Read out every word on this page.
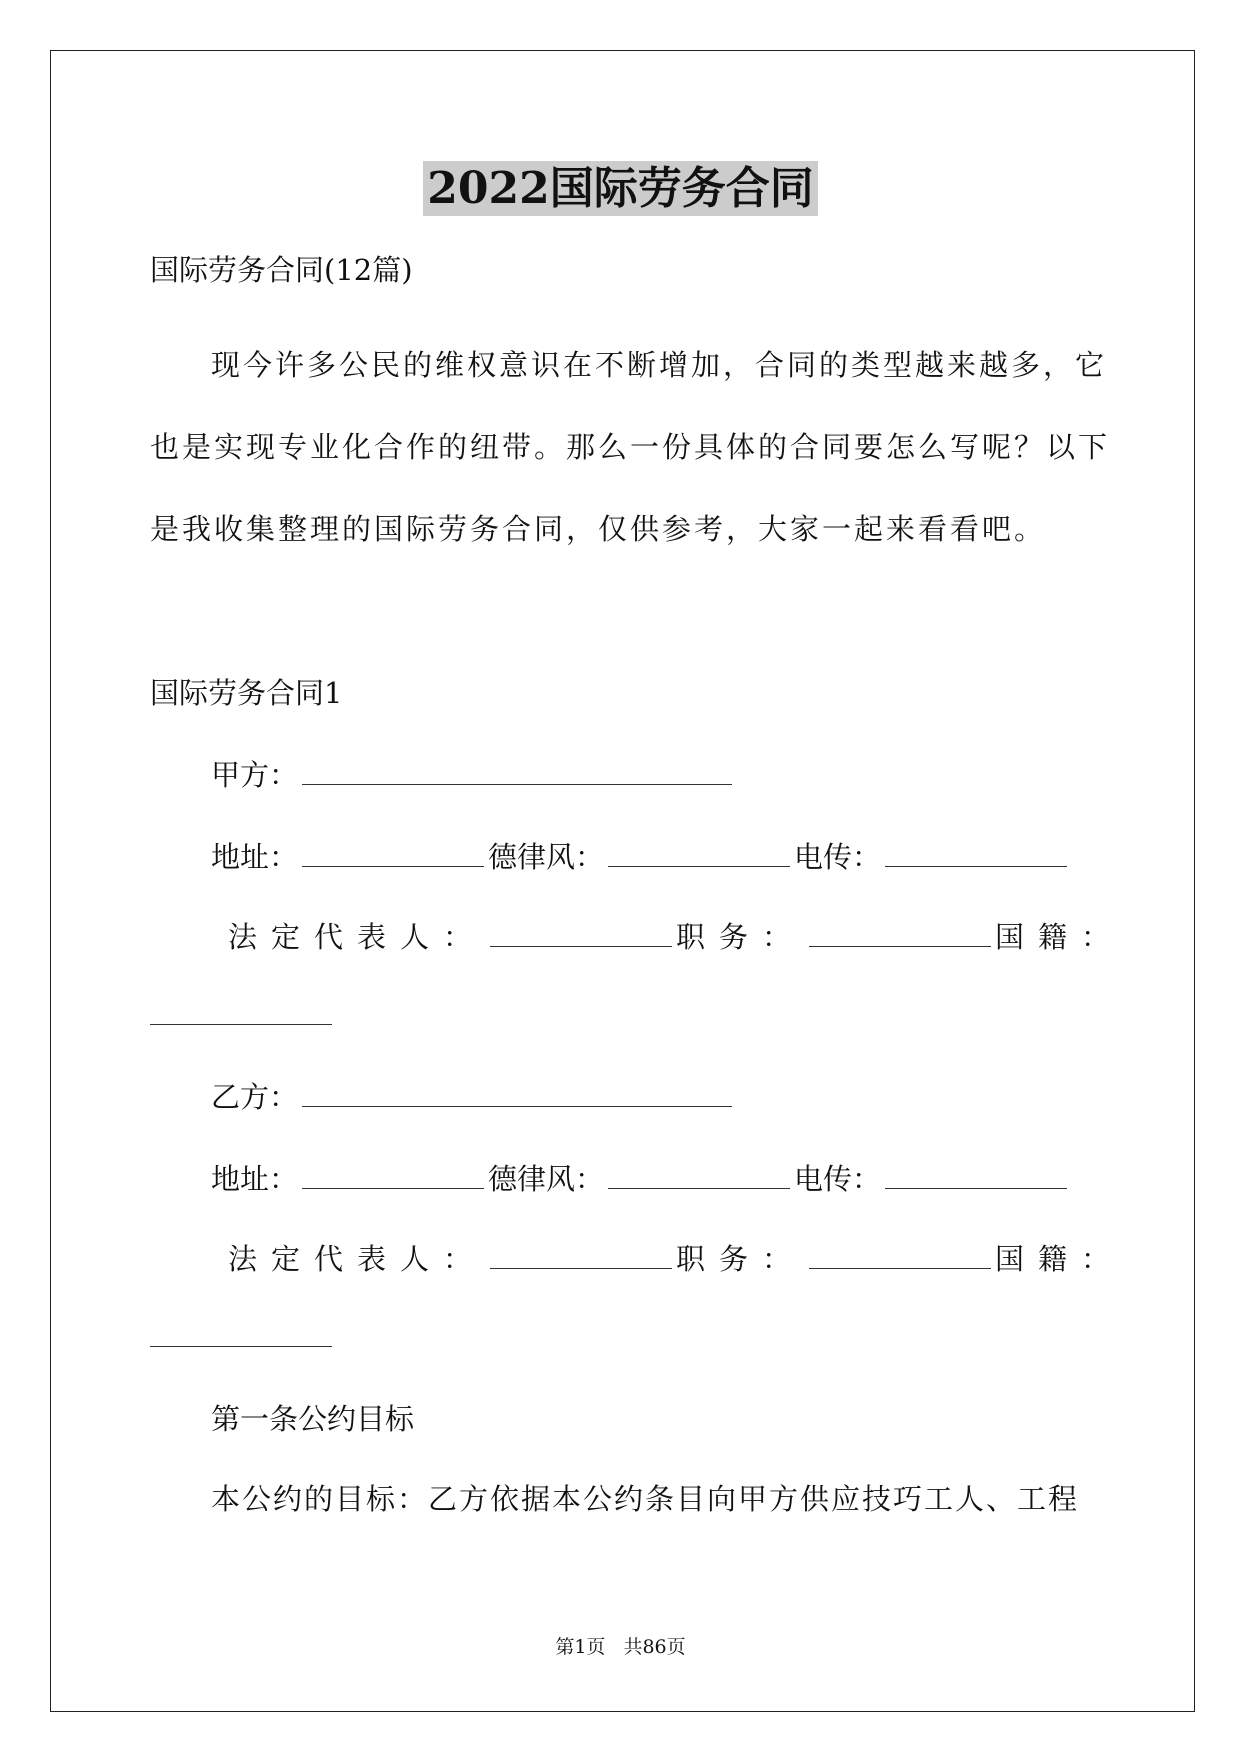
2022国际劳务合同
国际劳务合同(12篇)
现今许多公民的维权意识在不断增加，合同的类型越来越多，它
也是实现专业化合作的纽带。那么一份具体的合同要怎么写呢？以下
是我收集整理的国际劳务合同，仅供参考，大家一起来看看吧。
国际劳务合同1
甲方：
地址：	德律风：	电传：
法定代表人：	职务：	国籍：
乙方：
地址：	德律风：	电传：
法定代表人：	职务：	国籍：
第一条公约目标
本公约的目标：乙方依据本公约条目向甲方供应技巧工人、工程
第1页 共86页
